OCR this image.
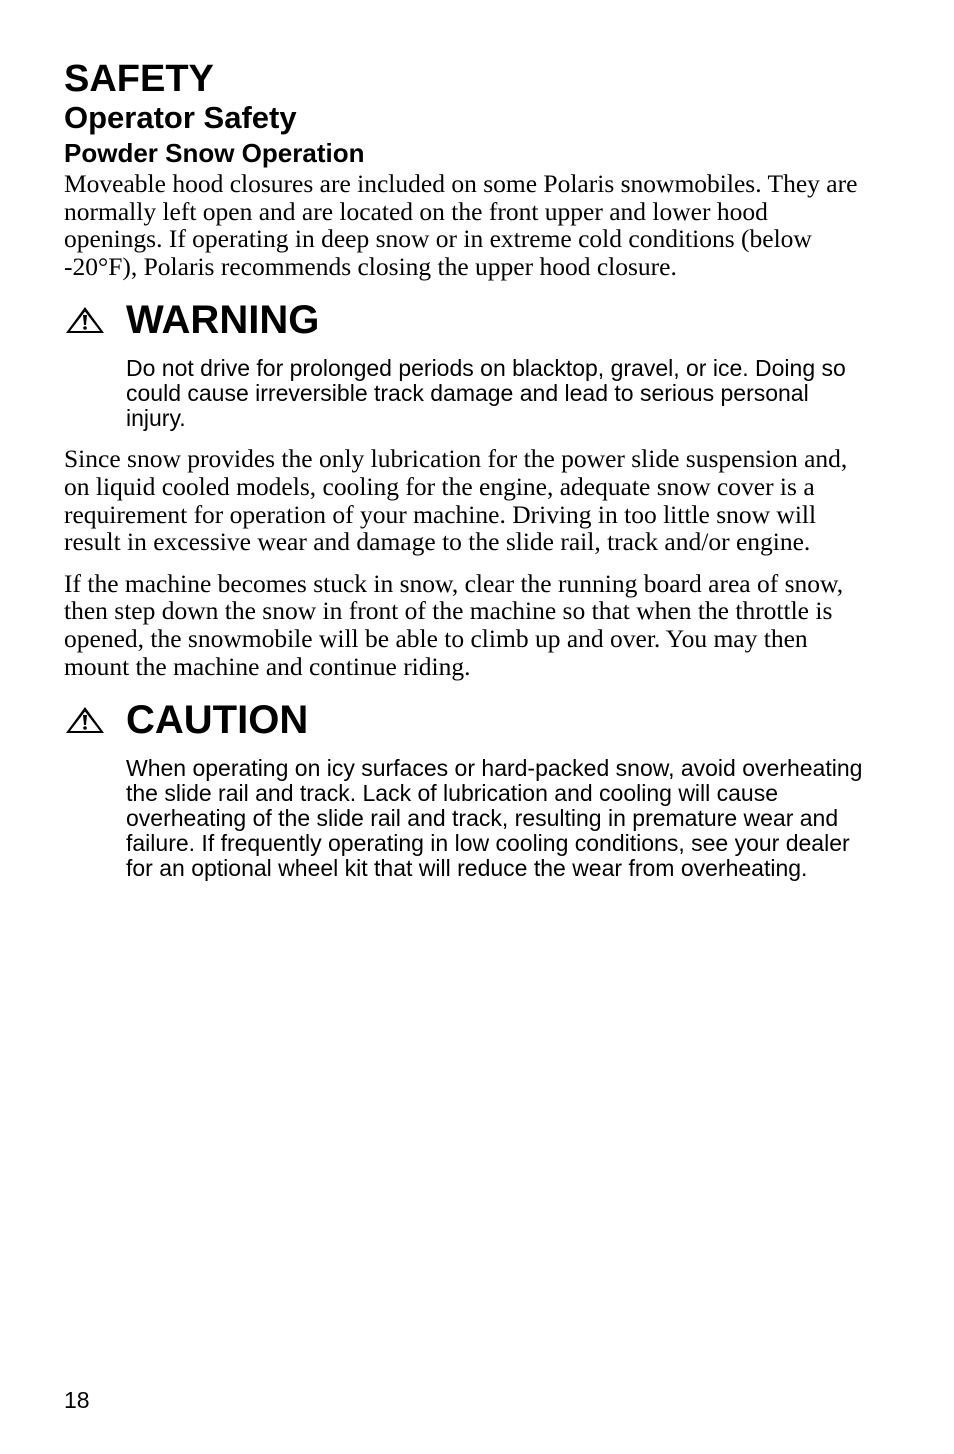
SAFETY
Operator Safety
Powder Snow Operation

Moveable hood closures are included on some Polaris snowmobiles. They are normally left open and are located on the front upper and lower hood openings. If operating in deep snow or in extreme cold conditions (below -20°F), Polaris recommends closing the upper hood closure.

WARNING

Do not drive for prolonged periods on blacktop, gravel, or ice. Doing so could cause irreversible track damage and lead to serious personal injury.

Since snow provides the only lubrication for the power slide suspension and, on liquid cooled models, cooling for the engine, adequate snow cover is a requirement for operation of your machine. Driving in too little snow will result in excessive wear and damage to the slide rail, track and/or engine.

If the machine becomes stuck in snow, clear the running board area of snow, then step down the snow in front of the machine so that when the throttle is opened, the snowmobile will be able to climb up and over. You may then mount the machine and continue riding.

CAUTION

When operating on icy surfaces or hard-packed snow, avoid overheating the slide rail and track. Lack of lubrication and cooling will cause overheating of the slide rail and track, resulting in premature wear and failure. If frequently operating in low cooling conditions, see your dealer for an optional wheel kit that will reduce the wear from overheating.

18
